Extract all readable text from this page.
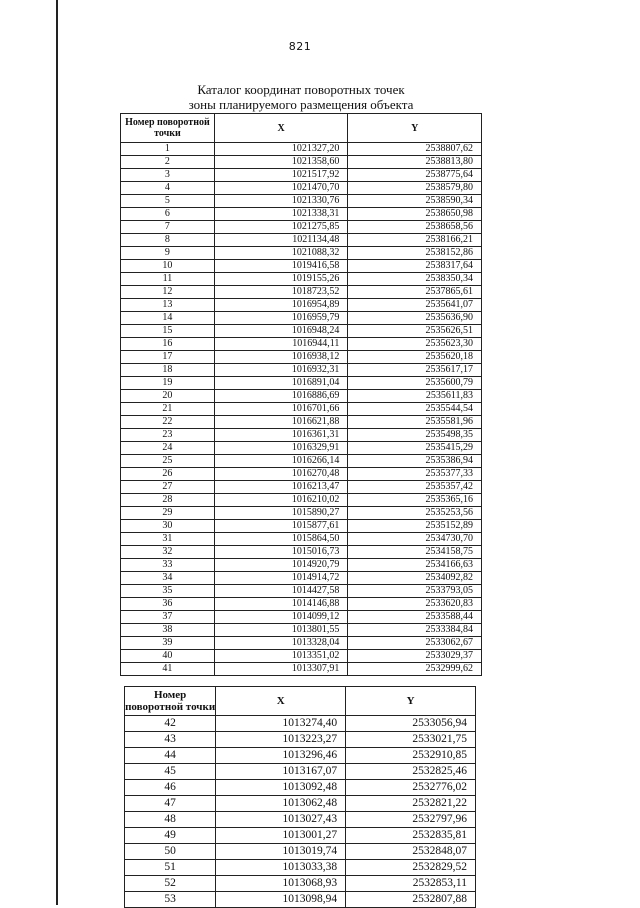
821
Каталог координат поворотных точек
зоны планируемого размещения объекта
Номер поворотной точки	X	Y
1	1021327,20	2538807,62
2	1021358,60	2538813,80
3	1021517,92	2538775,64
4	1021470,70	2538579,80
5	1021330,76	2538590,34
6	1021338,31	2538650,98
7	1021275,85	2538658,56
8	1021134,48	2538166,21
9	1021088,32	2538152,86
10	1019416,58	2538317,64
11	1019155,26	2538350,34
12	1018723,52	2537865,61
13	1016954,89	2535641,07
14	1016959,79	2535636,90
15	1016948,24	2535626,51
16	1016944,11	2535623,30
17	1016938,12	2535620,18
18	1016932,31	2535617,17
19	1016891,04	2535600,79
20	1016886,69	2535611,83
21	1016701,66	2535544,54
22	1016621,88	2535581,96
23	1016361,31	2535498,35
24	1016329,91	2535415,29
25	1016266,14	2535386,94
26	1016270,48	2535377,33
27	1016213,47	2535357,42
28	1016210,02	2535365,16
29	1015890,27	2535253,56
30	1015877,61	2535152,89
31	1015864,50	2534730,70
32	1015016,73	2534158,75
33	1014920,79	2534166,63
34	1014914,72	2534092,82
35	1014427,58	2533793,05
36	1014146,88	2533620,83
37	1014099,12	2533588,44
38	1013801,55	2533384,84
39	1013328,04	2533062,67
40	1013351,02	2533029,37
41	1013307,91	2532999,62
Номер поворотной точки	X	Y
42	1013274,40	2533056,94
43	1013223,27	2533021,75
44	1013296,46	2532910,85
45	1013167,07	2532825,46
46	1013092,48	2532776,02
47	1013062,48	2532821,22
48	1013027,43	2532797,96
49	1013001,27	2532835,81
50	1013019,74	2532848,07
51	1013033,38	2532829,52
52	1013068,93	2532853,11
53	1013098,94	2532807,88
